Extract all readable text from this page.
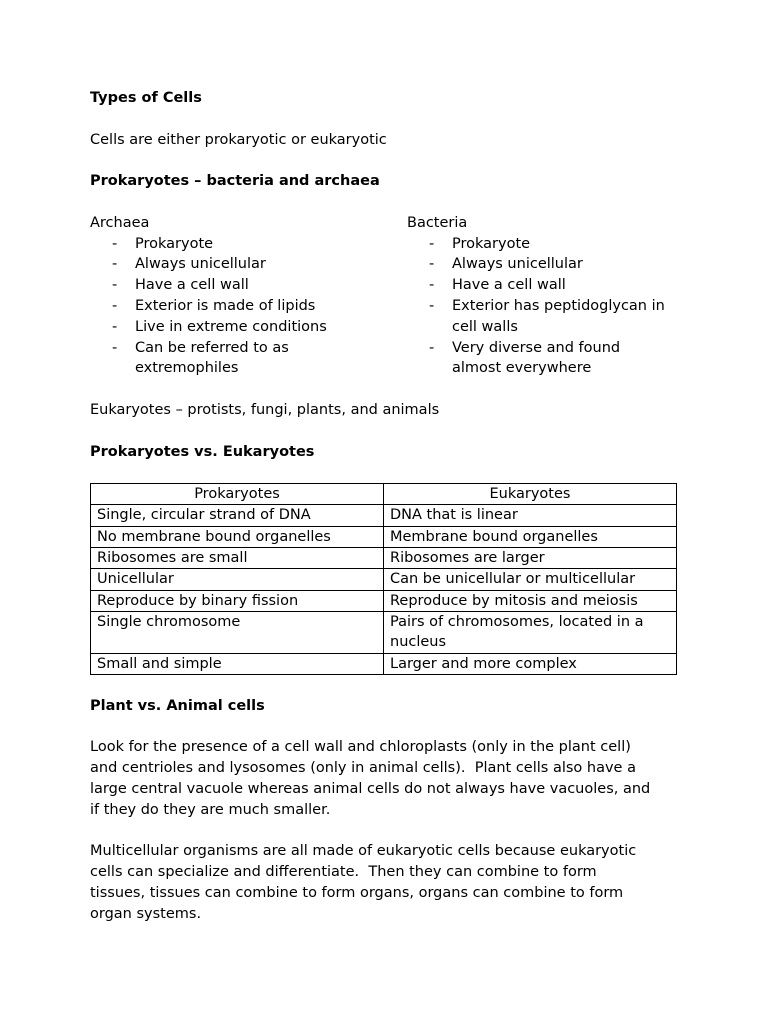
Types of Cells

Cells are either prokaryotic or eukaryotic

Prokaryotes – bacteria and archaea

Archaea

- Prokaryote
- Always unicellular
- Have a cell wall
- Exterior is made of lipids
- Live in extreme conditions
- Can be referred to as extremophiles

Bacteria

- Prokaryote
- Always unicellular
- Have a cell wall
- Exterior has peptidoglycan in cell walls
- Very diverse and found almost everywhere

Eukaryotes – protists, fungi, plants, and animals

Prokaryotes vs. Eukaryotes

Prokaryotes	Eukaryotes
Single, circular strand of DNA	DNA that is linear
No membrane bound organelles	Membrane bound organelles
Ribosomes are small	Ribosomes are larger
Unicellular	Can be unicellular or multicellular
Reproduce by binary fission	Reproduce by mitosis and meiosis
Single chromosome	Pairs of chromosomes, located in a nucleus
Small and simple	Larger and more complex

Plant vs. Animal cells

Look for the presence of a cell wall and chloroplasts (only in the plant cell)

and centrioles and lysosomes (only in animal cells).  Plant cells also have a

large central vacuole whereas animal cells do not always have vacuoles, and

if they do they are much smaller.

Multicellular organisms are all made of eukaryotic cells because eukaryotic

cells can specialize and differentiate.  Then they can combine to form

tissues, tissues can combine to form organs, organs can combine to form

organ systems.
